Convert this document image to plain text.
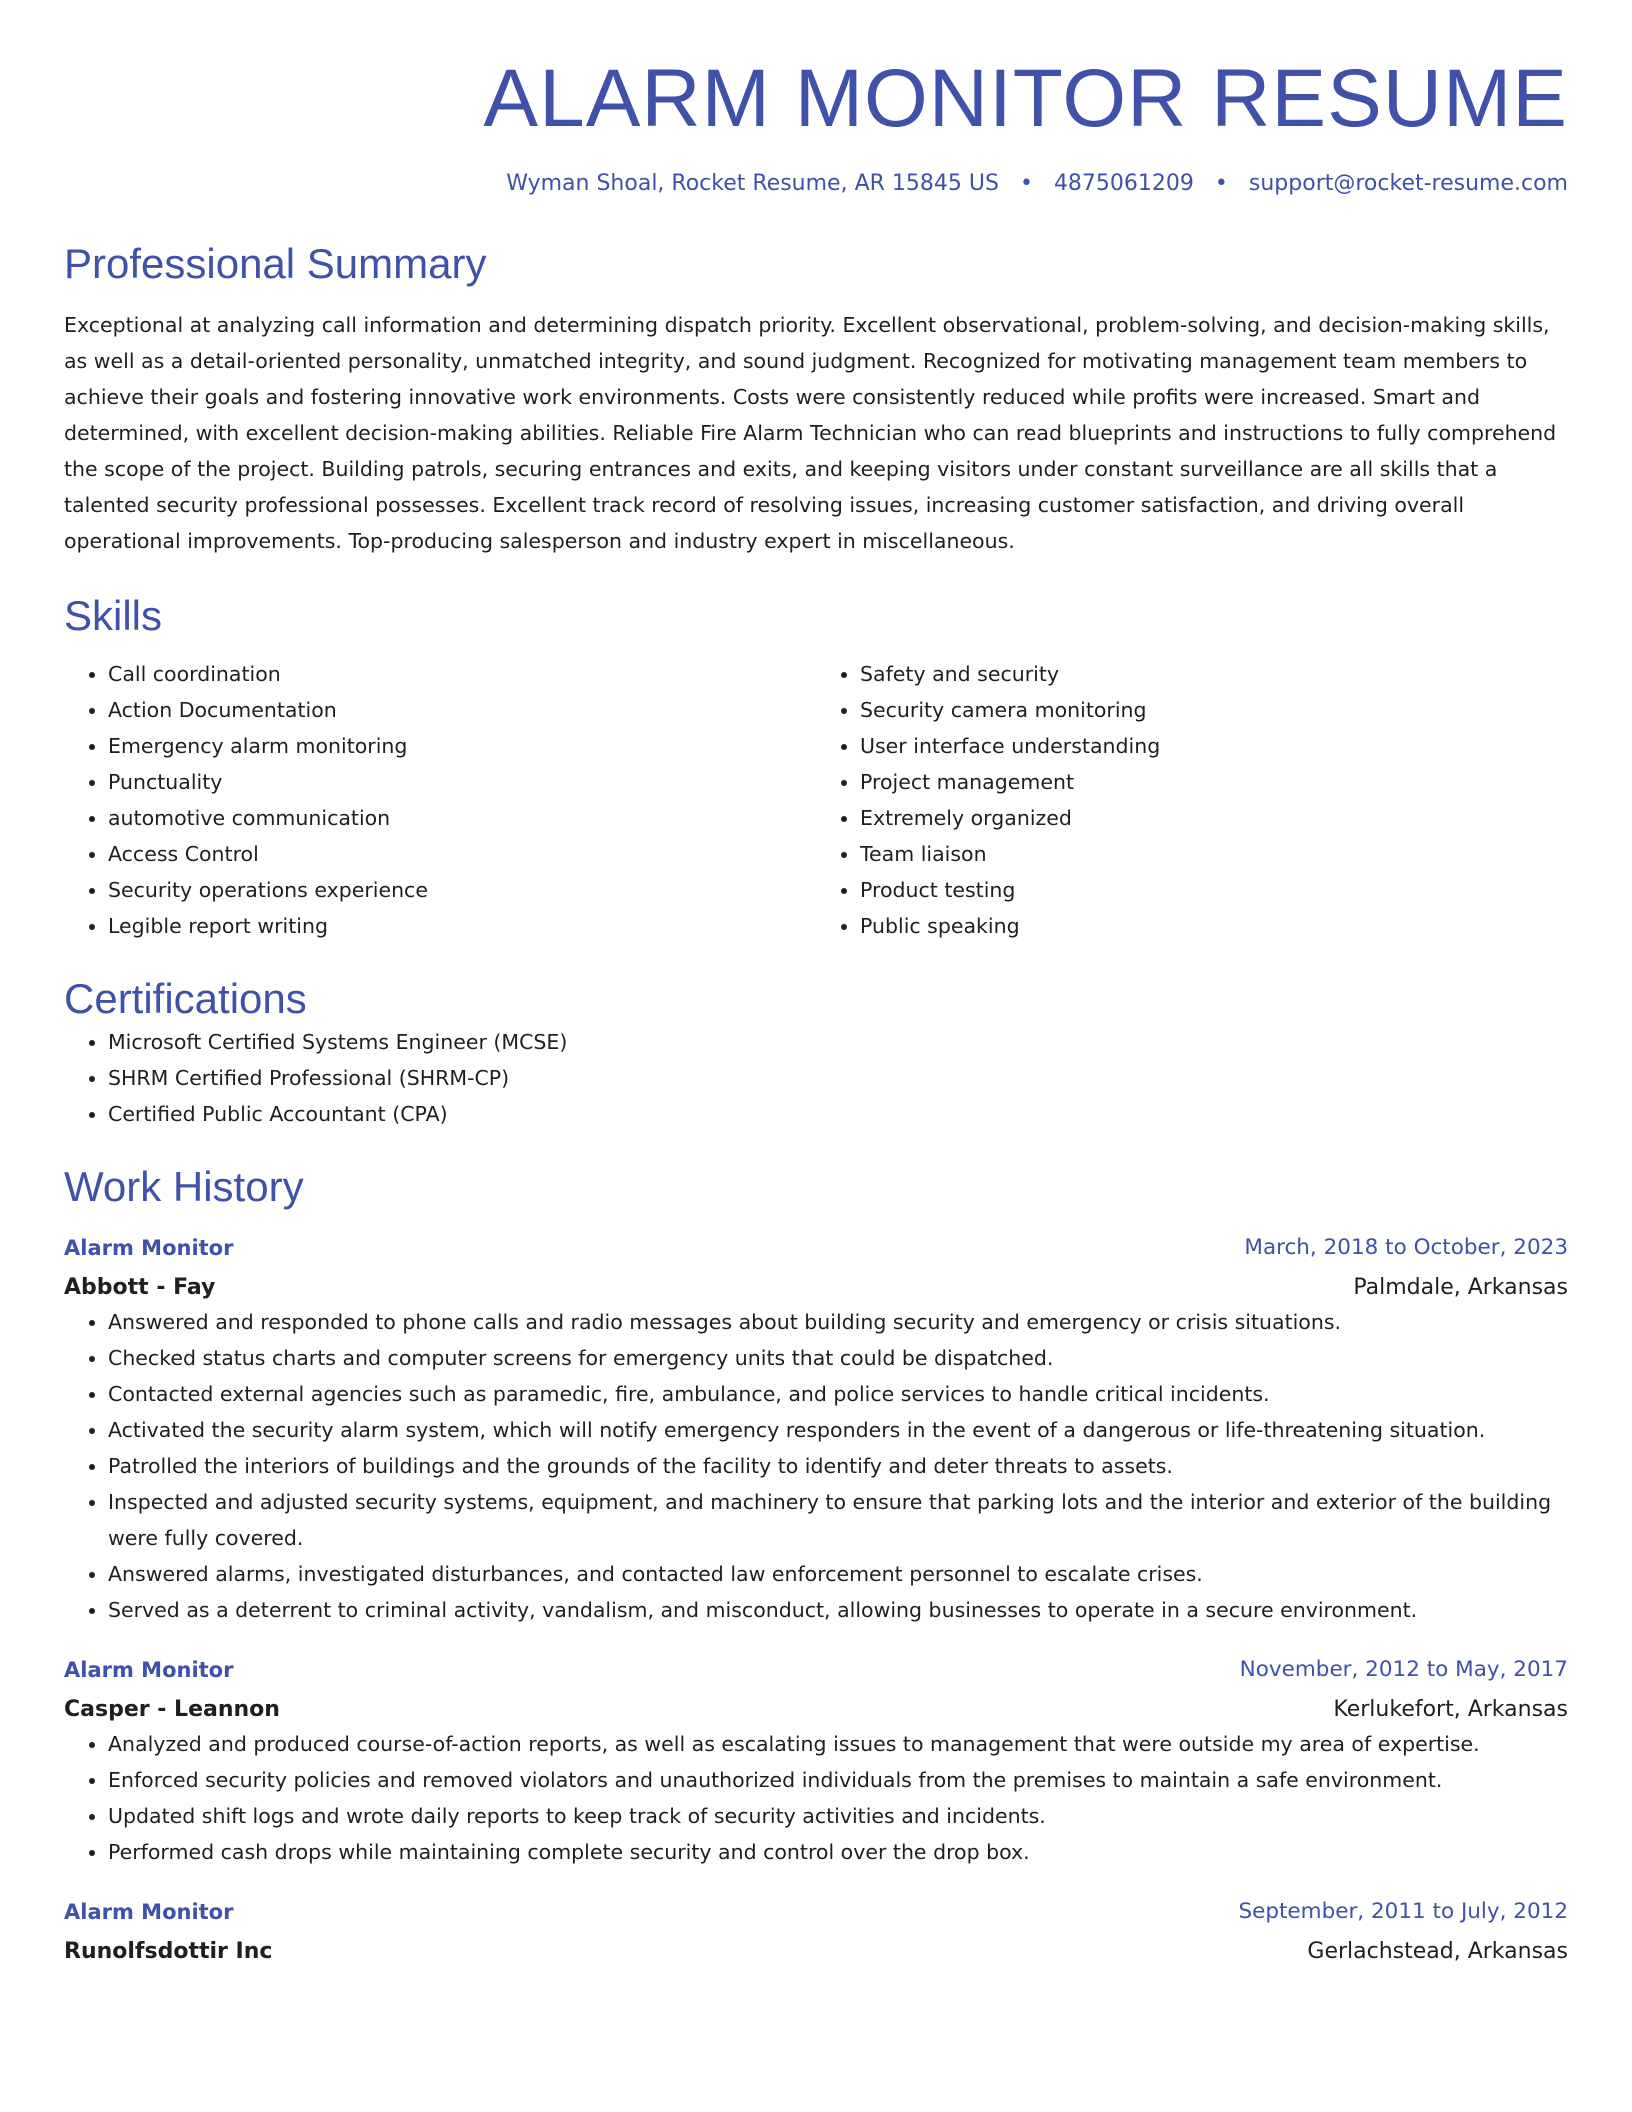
ALARM MONITOR RESUME
Wyman Shoal, Rocket Resume, AR 15845 US • 4875061209 • support@rocket-resume.com
Professional Summary
Exceptional at analyzing call information and determining dispatch priority. Excellent observational, problem-solving, and decision-making skills, as well as a detail-oriented personality, unmatched integrity, and sound judgment. Recognized for motivating management team members to achieve their goals and fostering innovative work environments. Costs were consistently reduced while profits were increased. Smart and determined, with excellent decision-making abilities. Reliable Fire Alarm Technician who can read blueprints and instructions to fully comprehend the scope of the project. Building patrols, securing entrances and exits, and keeping visitors under constant surveillance are all skills that a talented security professional possesses. Excellent track record of resolving issues, increasing customer satisfaction, and driving overall operational improvements. Top-producing salesperson and industry expert in miscellaneous.
Skills
• Call coordination
• Action Documentation
• Emergency alarm monitoring
• Punctuality
• automotive communication
• Access Control
• Security operations experience
• Legible report writing
• Safety and security
• Security camera monitoring
• User interface understanding
• Project management
• Extremely organized
• Team liaison
• Product testing
• Public speaking
Certifications
• Microsoft Certified Systems Engineer (MCSE)
• SHRM Certified Professional (SHRM-CP)
• Certified Public Accountant (CPA)
Work History
Alarm Monitor	March, 2018 to October, 2023
Abbott - Fay	Palmdale, Arkansas
• Answered and responded to phone calls and radio messages about building security and emergency or crisis situations.
• Checked status charts and computer screens for emergency units that could be dispatched.
• Contacted external agencies such as paramedic, fire, ambulance, and police services to handle critical incidents.
• Activated the security alarm system, which will notify emergency responders in the event of a dangerous or life-threatening situation.
• Patrolled the interiors of buildings and the grounds of the facility to identify and deter threats to assets.
• Inspected and adjusted security systems, equipment, and machinery to ensure that parking lots and the interior and exterior of the building were fully covered.
• Answered alarms, investigated disturbances, and contacted law enforcement personnel to escalate crises.
• Served as a deterrent to criminal activity, vandalism, and misconduct, allowing businesses to operate in a secure environment.
Alarm Monitor	November, 2012 to May, 2017
Casper - Leannon	Kerlukefort, Arkansas
• Analyzed and produced course-of-action reports, as well as escalating issues to management that were outside my area of expertise.
• Enforced security policies and removed violators and unauthorized individuals from the premises to maintain a safe environment.
• Updated shift logs and wrote daily reports to keep track of security activities and incidents.
• Performed cash drops while maintaining complete security and control over the drop box.
Alarm Monitor	September, 2011 to July, 2012
Runolfsdottir Inc	Gerlachstead, Arkansas
